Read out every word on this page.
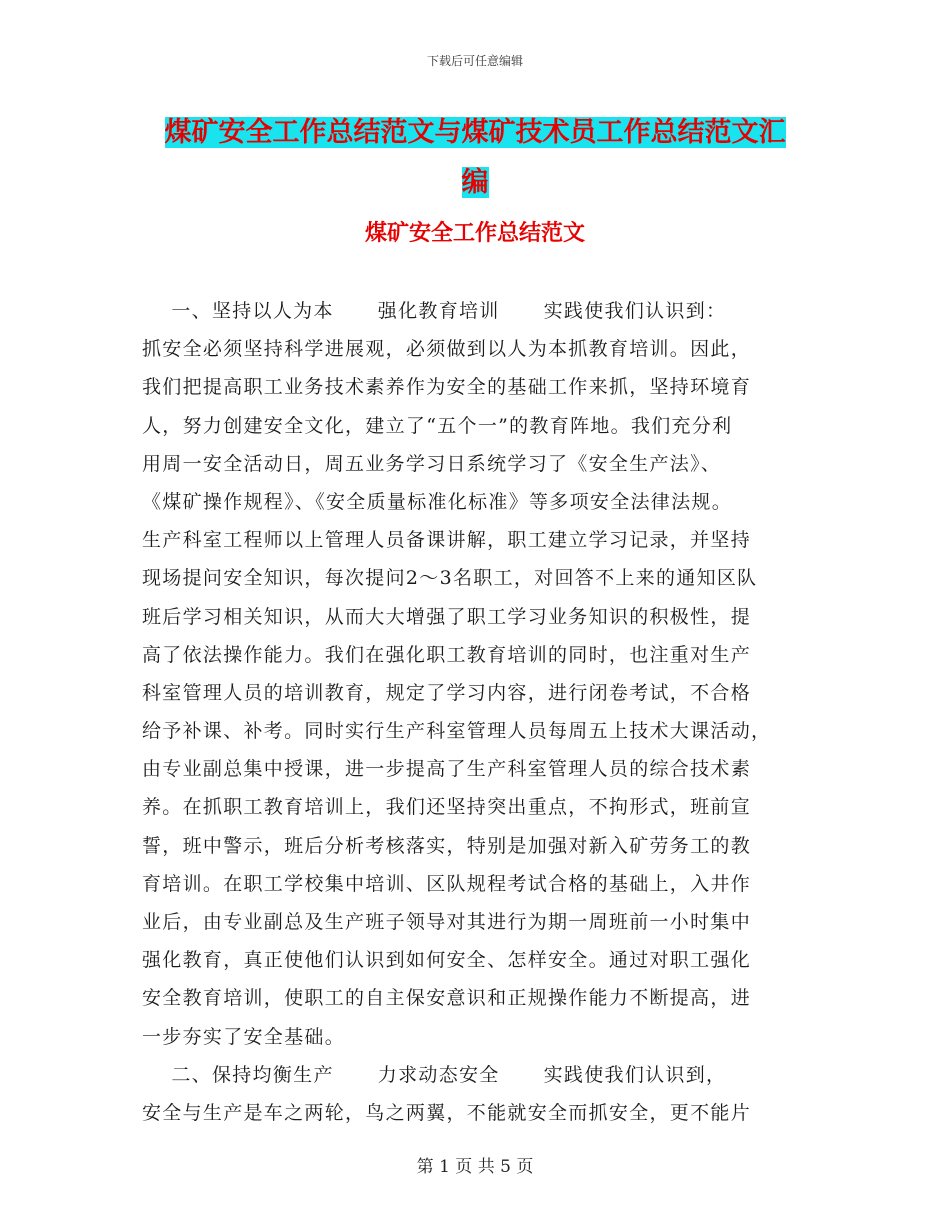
下载后可任意编辑
煤矿安全工作总结范文与煤矿技术员工作总结范文汇
编
煤矿安全工作总结范文
一、坚持以人为本      强化教育培训      实践使我们认识到：
抓安全必须坚持科学进展观，必须做到以人为本抓教育培训。因此，
我们把提高职工业务技术素养作为安全的基础工作来抓，坚持环境育
人，努力创建安全文化，建立了“五个一”的教育阵地。我们充分利
用周一安全活动日，周五业务学习日系统学习了《安全生产法》、
《煤矿操作规程》、《安全质量标准化标准》等多项安全法律法规。
生产科室工程师以上管理人员备课讲解，职工建立学习记录，并坚持
现场提问安全知识，每次提问2～3名职工，对回答不上来的通知区队
班后学习相关知识，从而大大增强了职工学习业务知识的积极性，提
高了依法操作能力。我们在强化职工教育培训的同时，也注重对生产
科室管理人员的培训教育，规定了学习内容，进行闭卷考试，不合格
给予补课、补考。同时实行生产科室管理人员每周五上技术大课活动，
由专业副总集中授课，进一步提高了生产科室管理人员的综合技术素
养。在抓职工教育培训上，我们还坚持突出重点，不拘形式，班前宣
誓，班中警示，班后分析考核落实，特别是加强对新入矿劳务工的教
育培训。在职工学校集中培训、区队规程考试合格的基础上，入井作
业后，由专业副总及生产班子领导对其进行为期一周班前一小时集中
强化教育，真正使他们认识到如何安全、怎样安全。通过对职工强化
安全教育培训，使职工的自主保安意识和正规操作能力不断提高，进
一步夯实了安全基础。
二、保持均衡生产      力求动态安全      实践使我们认识到，
安全与生产是车之两轮，鸟之两翼，不能就安全而抓安全，更不能片
第 1 页 共 5 页
